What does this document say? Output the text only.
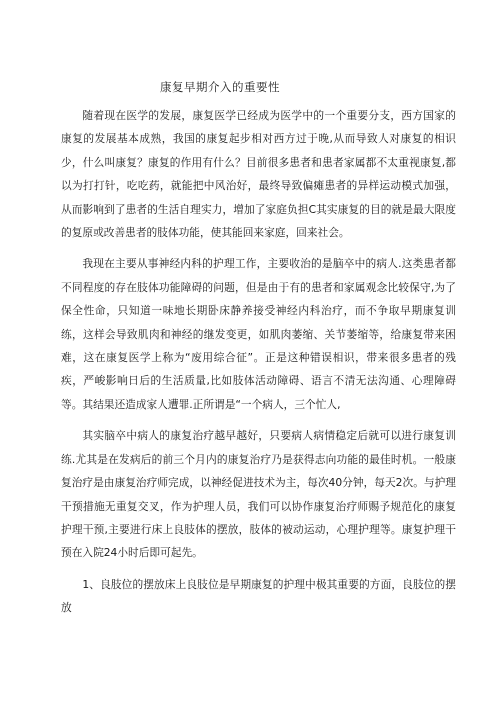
康复早期介入的重要性

随着现在医学的发展，康复医学已经成为医学中的一个重要分支，西方国家的康复的发展基本成熟，我国的康复起步相对西方过于晚,从而导致人对康复的相识少，什么叫康复？康复的作用有什么？目前很多患者和患者家属都不太重视康复,都以为打打针，吃吃药，就能把中风治好，最终导致偏瘫患者的异样运动模式加强，从而影响到了患者的生活自理实力，增加了家庭负担C其实康复的目的就是最大限度的复原或改善患者的肢体功能，使其能回来家庭，回来社会。

我现在主要从事神经内科的护理工作，主要收治的是脑卒中的病人.这类患者都不同程度的存在肢体功能障碍的问题，但是由于有的患者和家属观念比较保守,为了保全性命，只知道一味地长期卧床静养接受神经内科治疗，而不争取早期康复训练，这样会导致肌肉和神经的继发变更，如肌肉萎缩、关节萎缩等，给康复带来困难，这在康复医学上称为“废用综合征”。正是这种错误相识，带来很多患者的残疾，严峻影响日后的生活质量,比如肢体活动障碍、语言不清无法沟通、心理障碍等。其结果还造成家人遭罪.正所谓是“一个病人，三个忙人,

其实脑卒中病人的康复治疗越早越好，只要病人病情稳定后就可以进行康复训练.尤其是在发病后的前三个月内的康复治疗乃是获得志向功能的最佳时机。一般康复治疗是由康复治疗师完成，以神经促进技术为主，每次40分钟，每天2次。与护理干预措施无重复交叉，作为护理人员，我们可以协作康复治疗师赐予规范化的康复护理干预,主要进行床上良肢体的摆放，肢体的被动运动，心理护理等。康复护理干预在入院24小时后即可起先。

1、良肢位的摆放床上良肢位是早期康复的护理中极其重要的方面，良肢位的摆放
